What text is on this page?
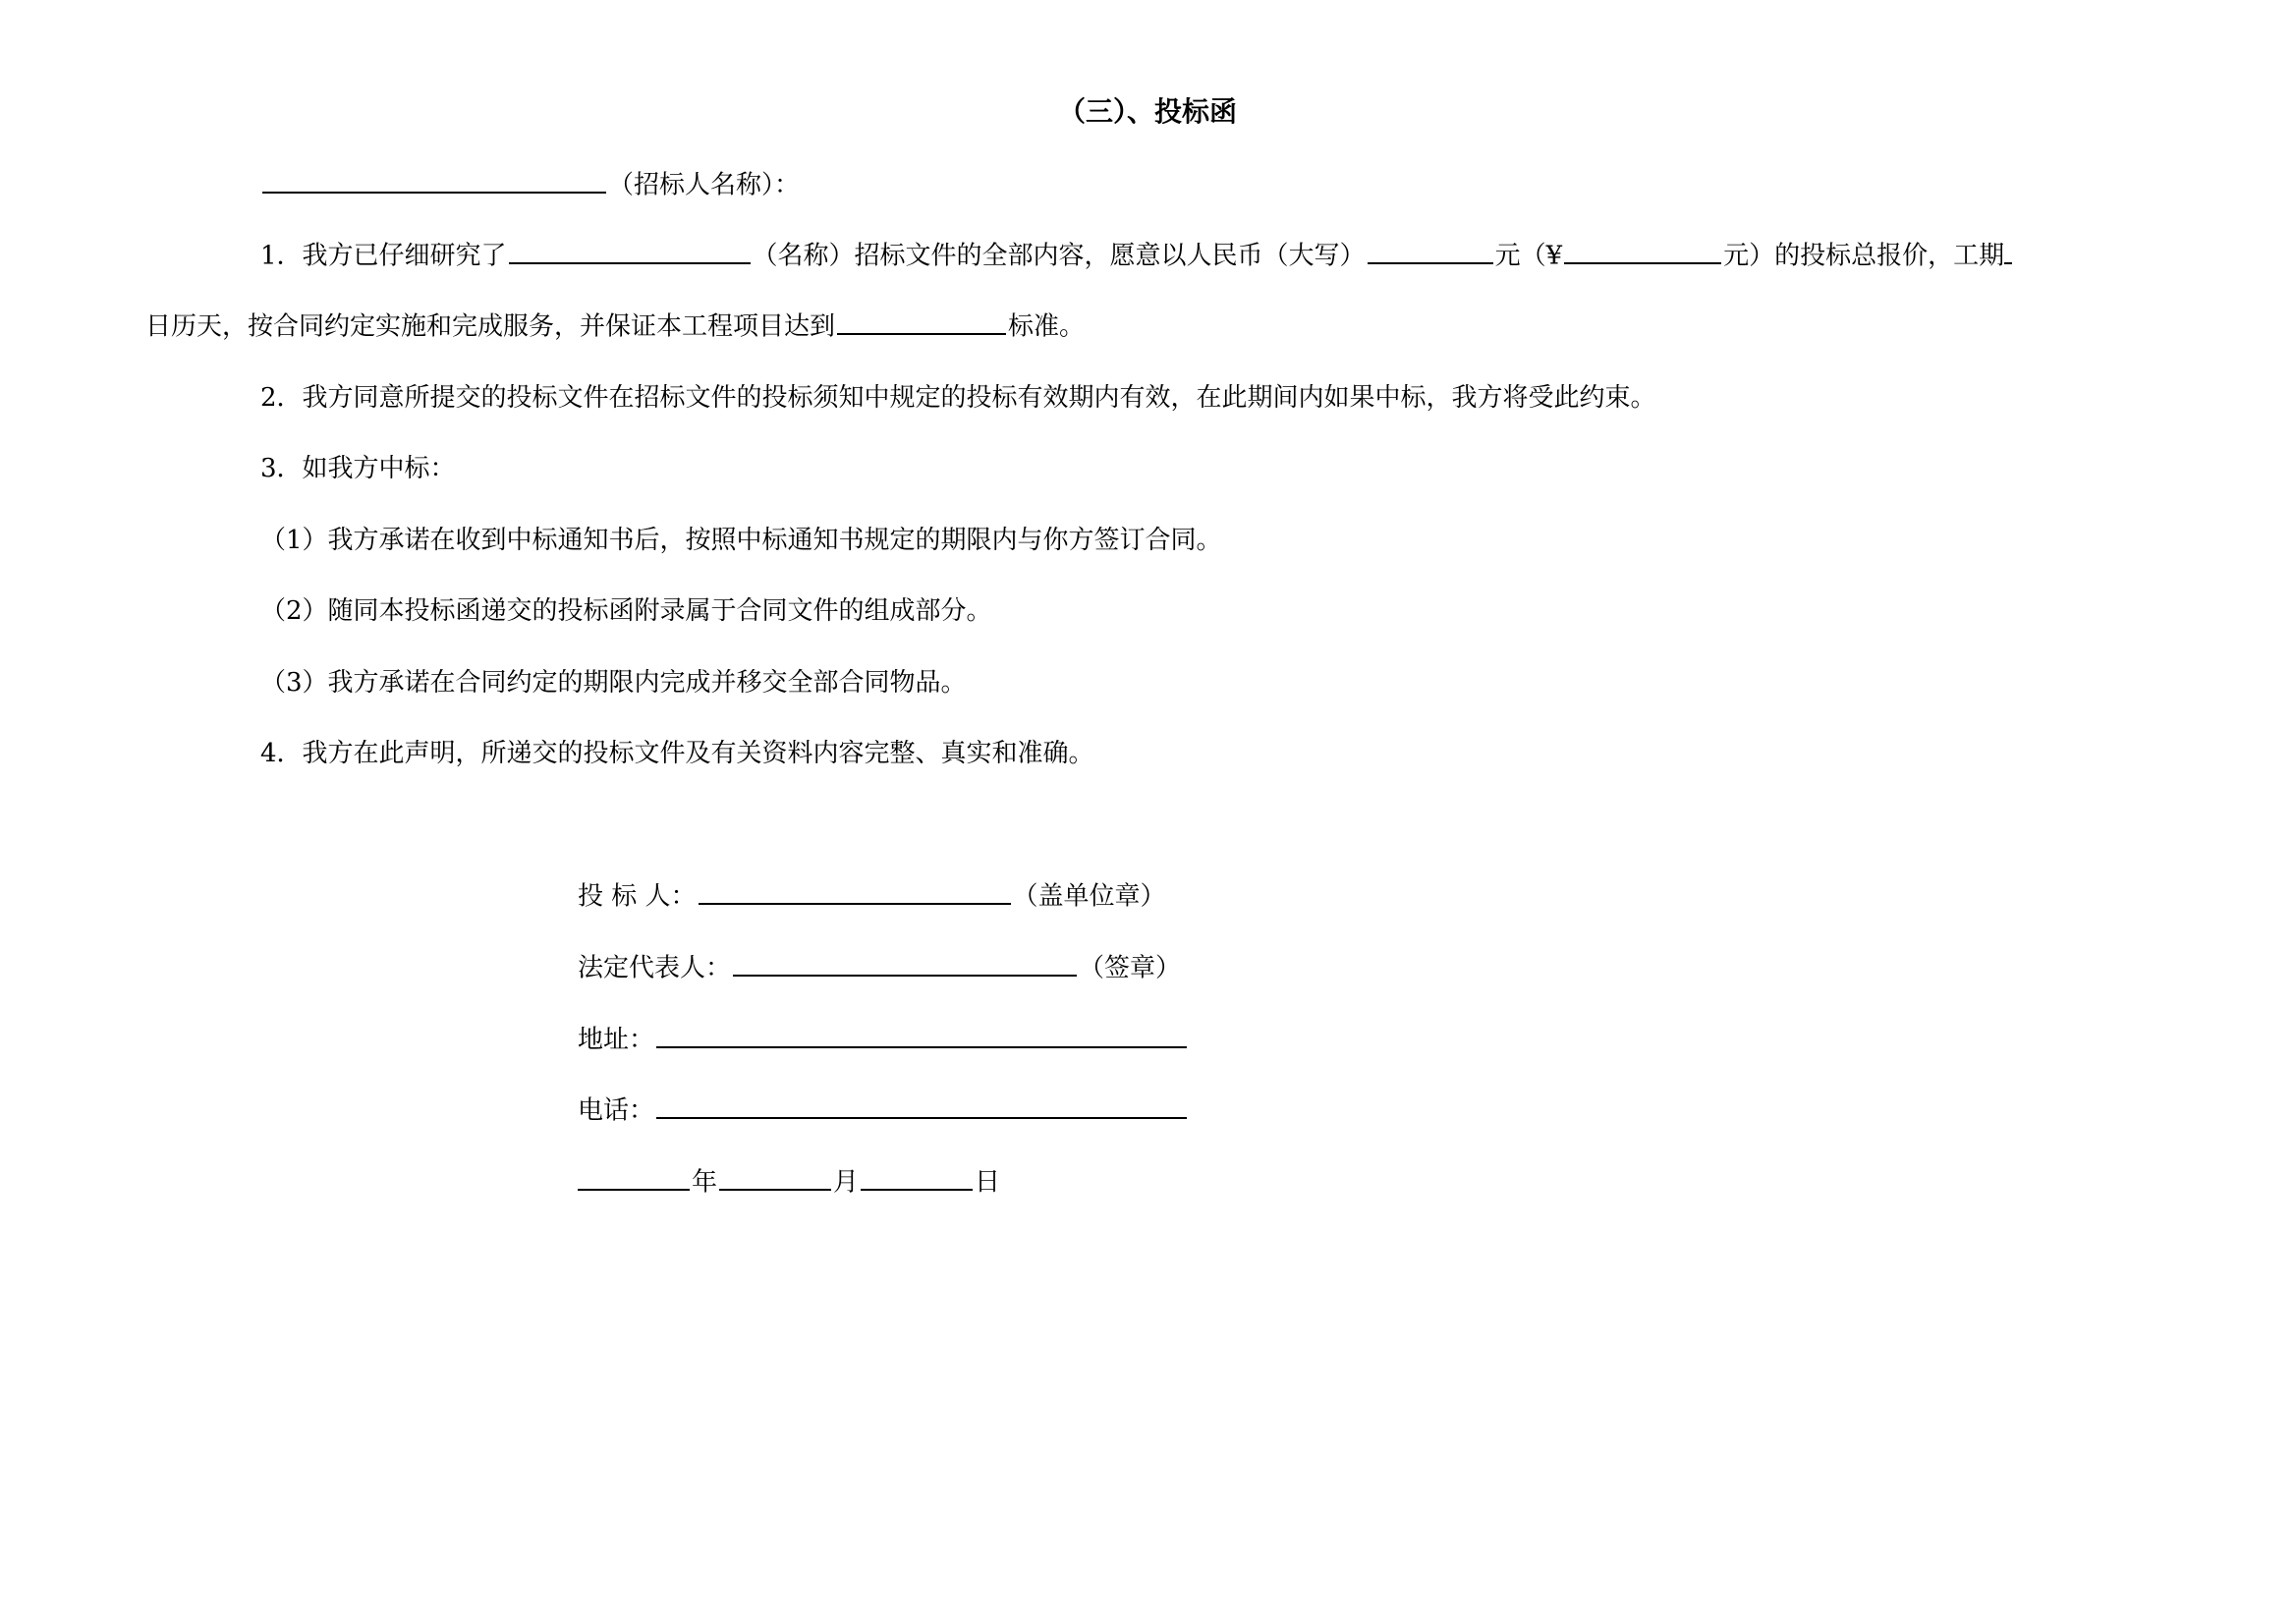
（三）、投标函
（招标人名称）：
1．我方已仔细研究了	（名称）招标文件的全部内容，愿意以人民币（大写）	元（¥	元）的投标总报价，工期
日历天，按合同约定实施和完成服务，并保证本工程项目达到	标准。
2．我方同意所提交的投标文件在招标文件的投标须知中规定的投标有效期内有效，在此期间内如果中标，我方将受此约束。
3．如我方中标：
（1）我方承诺在收到中标通知书后，按照中标通知书规定的期限内与你方签订合同。
（2）随同本投标函递交的投标函附录属于合同文件的组成部分。
（3）我方承诺在合同约定的期限内完成并移交全部合同物品。
4．我方在此声明，所递交的投标文件及有关资料内容完整、真实和准确。
投 标 人：	（盖单位章）
法定代表人：	（签章）
地址：
电话：
年	月	日
